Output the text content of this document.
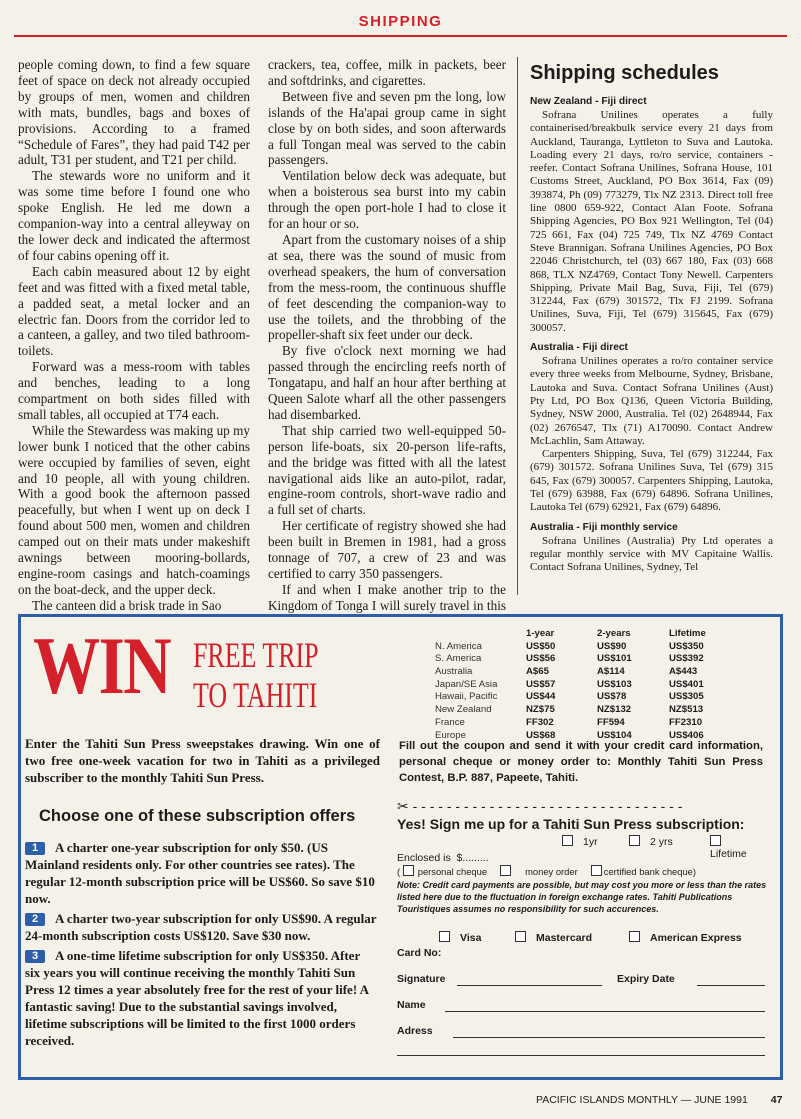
SHIPPING

people coming down, to find a few square feet of space on deck not already occupied by groups of men, women and children with mats, bundles, bags and boxes of provisions. According to a framed “Schedule of Fares”, they had paid T42 per adult, T31 per student, and T21 per child.

The stewards wore no uniform and it was some time before I found one who spoke English. He led me down a companion-way into a central alleyway on the lower deck and indicated the aftermost of four cabins opening off it.

Each cabin measured about 12 by eight feet and was fitted with a fixed metal table, a padded seat, a metal locker and an electric fan. Doors from the corridor led to a canteen, a galley, and two tiled bathroom-toilets.

Forward was a mess-room with tables and benches, leading to a long compartment on both sides filled with small tables, all occupied at T74 each.

While the Stewardess was making up my lower bunk I noticed that the other cabins were occupied by families of seven, eight and 10 people, all with young children. With a good book the afternoon passed peacefully, but when I went up on deck I found about 500 men, women and children camped out on their mats under makeshift awnings between mooring-bollards, engine-room casings and hatch-coamings on the boat-deck, and the upper deck.

The canteen did a brisk trade in Sao

crackers, tea, coffee, milk in packets, beer and softdrinks, and cigarettes.

Between five and seven pm the long, low islands of the Ha'apai group came in sight close by on both sides, and soon afterwards a full Tongan meal was served to the cabin passengers.

Ventilation below deck was adequate, but when a boisterous sea burst into my cabin through the open port-hole I had to close it for an hour or so.

Apart from the customary noises of a ship at sea, there was the sound of music from overhead speakers, the hum of conversation from the mess-room, the continuous shuffle of feet descending the companion-way to use the toilets, and the throbbing of the propeller-shaft six feet under our deck.

By five o'clock next morning we had passed through the encircling reefs north of Tongatapu, and half an hour after berthing at Queen Salote wharf all the other passengers had disembarked.

That ship carried two well-equipped 50-person life-boats, six 20-person life-rafts, and the bridge was fitted with all the latest navigational aids like an auto-pilot, radar, engine-room controls, short-wave radio and a full set of charts.

Her certificate of registry showed she had been built in Bremen in 1981, had a gross tonnage of 707, a crew of 23 and was certified to carry 350 passengers.

If and when I make another trip to the Kingdom of Tonga I will surely travel in this

Shipping schedules
New Zealand - Fiji direct

Sofrana Unilines operates a fully containerised/breakbulk service every 21 days from Auckland, Tauranga, Lyttleton to Suva and Lautoka. Loading every 21 days, ro/ro service, containers - reefer. Contact Sofrana Unilines, Sofrana House, 101 Customs Street, Auckland, PO Box 3614, Fax (09) 393874, Ph (09) 773279, Tlx NZ 2313. Direct toll free line 0800 659-922, Contact Alan Foote. Sofrana Shipping Agencies, PO Box 921 Wellington, Tel (04) 725 661, Fax (04) 725 749, Tlx NZ 4769 Contact Steve Brannigan. Sofrana Unilines Agencies, PO Box 22046 Christchurch, tel (03) 667 180, Fax (03) 668 868, TLX NZ4769, Contact Tony Newell. Carpenters Shipping, Private Mail Bag, Suva, Fiji, Tel (679) 312244, Fax (679) 301572, Tlx FJ 2199. Sofrana Unilines, Suva, Fiji, Tel (679) 315645, Fax (679) 300057.

Australia - Fiji direct

Sofrana Unilines operates a ro/ro container service every three weeks from Melbourne, Sydney, Brisbane, Lautoka and Suva. Contact Sofrana Unilines (Aust) Pty Ltd, PO Box Q136, Queen Victoria Building, Sydney, NSW 2000, Australia. Tel (02) 2648944, Fax (02) 2676547, Tlx (71) A170090. Contact Andrew McLachlin, Sam Attaway.

Carpenters Shipping, Suva, Tel (679) 312244, Fax (679) 301572. Sofrana Unilines Suva, Tel (679) 315 645, Fax (679) 300057. Carpenters Shipping, Lautoka, Tel (679) 63988, Fax (679) 64896. Sofrana Unilines, Lautoka Tel (679) 62921, Fax (679) 64896.

Australia - Fiji monthly service

Sofrana Unilines (Australia) Pty Ltd operates a regular monthly service with MV Capitaine Wallis. Contact Sofrana Unilines, Sydney, Tel

WIN FREE TRIP
TO TAHITI
Enter the Tahiti Sun Press sweepstakes drawing. Win one of two free one-week vacation for two in Tahiti as a privileged subscriber to the monthly Tahiti Sun Press.
Choose one of these subscription offers
1 A charter one-year subscription for only $50. (US Mainland residents only. For other countries see rates). The regular 12-month subscription price will be US$60. So save $10 now.
2 A charter two-year subscription for only US$90. A regular 24-month subscription costs US$120. Save $30 now.
3 A one-time lifetime subscription for only US$350. After six years you will continue receiving the monthly Tahiti Sun Press 12 times a year absolutely free for the rest of your life! A fantastic saving! Due to the substantial savings involved, lifetime subscriptions will be limited to the first 1000 orders received.
1-year	2-years	Lifetime
N. America	US$50	US$90	US$350
S. America	US$56	US$101	US$392
Australia	A$65	A$114	A$443
Japan/SE Asia	US$57	US$103	US$401
Hawaii, Pacific	US$44	US$78	US$305
New Zealand	NZ$75	NZ$132	NZ$513
France	FF302	FF594	FF2310
Europe	US$68	US$104	US$406
Fill out the coupon and send it with your credit card information, personal cheque or money order to: Monthly Tahiti Sun Press Contest, B.P. 887, Papeete, Tahiti.
✂ - - - - - - - - - - - - - - - - - - - - - - - - - - - - - - - -
Yes! Sign me up for a Tahiti Sun Press subscription:
1yr	2 yrs
Lifetime
Enclosed is $.........
( personal cheque	money order	certified bank cheque)
Note: Credit card payments are possible, but may cost you more or less than the rates listed here due to the fluctuation in foreign exchange rates. Tahiti Publications Touristiques assumes no responsibility for such accurences.
Visa	Mastercard	American Express
Card No:
Signature	Expiry Date
Name
Adress
PACIFIC ISLANDS MONTHLY — JUNE 1991 47
